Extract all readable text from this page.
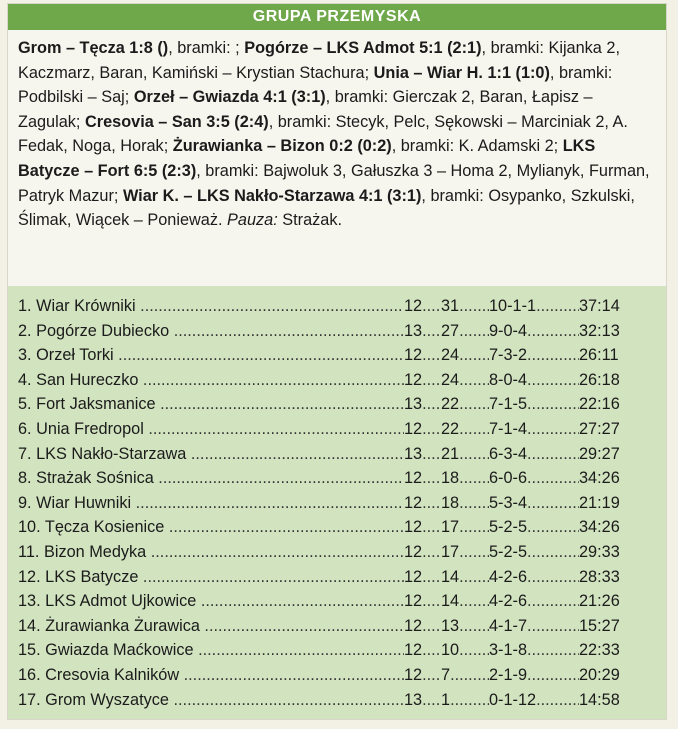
GRUPA PRZEMYSKA
Grom – Tęcza 1:8 (), bramki: ; Pogórze – LKS Admot 5:1 (2:1), bramki: Kijanka 2, Kaczmarz, Baran, Kamiński – Krystian Stachura; Unia – Wiar H. 1:1 (1:0), bramki: Podbilski – Saj; Orzeł – Gwiazda 4:1 (3:1), bramki: Gierczak 2, Baran, Łapisz – Zagulak; Cresovia – San 3:5 (2:4), bramki: Stecyk, Pelc, Sękowski – Marciniak 2, A. Fedak, Noga, Horak; Żurawianka – Bizon 0:2 (0:2), bramki: K. Adamski 2; LKS Batycze – Fort 6:5 (2:3), bramki: Bajwoluk 3, Gałuszka 3 – Homa 2, Mylianyk, Furman, Patryk Mazur; Wiar K. – LKS Nakło-Starzawa 4:1 (3:1), bramki: Osypanko, Szkulski, Ślimak, Wiącek – Ponieważ. Pauza: Strażak.
1. Wiar Krówniki .....	12 .....	31 .....	10-1-1 .....	37:14
2. Pogórze Dubiecko .....	13 .....	27 .....	9-0-4 .....	32:13
3. Orzeł Torki .....	12 .....	24 .....	7-3-2 .....	26:11
4. San Hureczko .....	12 .....	24 .....	8-0-4 .....	26:18
5. Fort Jaksmanice .....	13 .....	22 .....	7-1-5 .....	22:16
6. Unia Fredropol .....	12 .....	22 .....	7-1-4 .....	27:27
7. LKS Nakło-Starzawa .....	13 .....	21 .....	6-3-4 .....	29:27
8. Strażak Sośnica .....	12 .....	18 .....	6-0-6 .....	34:26
9. Wiar Huwniki .....	12 .....	18 .....	5-3-4 .....	21:19
10. Tęcza Kosienice .....	12 .....	17 .....	5-2-5 .....	34:26
11. Bizon Medyka .....	12 .....	17 .....	5-2-5 .....	29:33
12. LKS Batycze .....	12 .....	14 .....	4-2-6 .....	28:33
13. LKS Admot Ujkowice .....	12 .....	14 .....	4-2-6 .....	21:26
14. Żurawianka Żurawica .....	12 .....	13 .....	4-1-7 .....	15:27
15. Gwiazda Maćkowice .....	12 .....	10 .....	3-1-8 .....	22:33
16. Cresovia Kalników .....	12 .....	7 .....	2-1-9 .....	20:29
17. Grom Wyszatyce .....	13 .....	1 .....	0-1-12 .....	14:58
